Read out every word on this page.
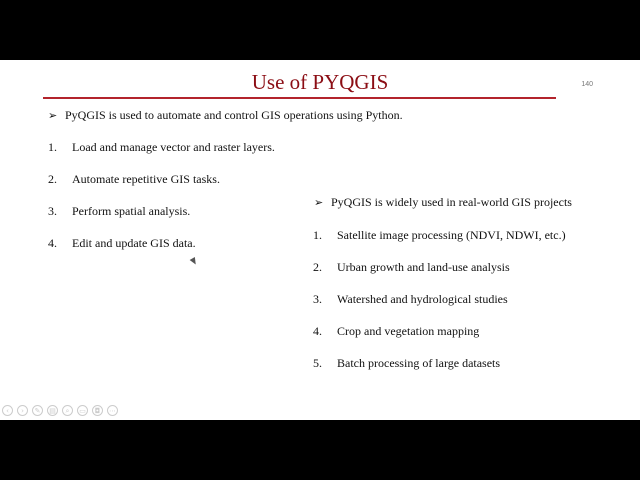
Use of PYQGIS	140
➢ PyQGIS is used to automate and control GIS operations using Python.
1. Load and manage vector and raster layers.
2. Automate repetitive GIS tasks.
3. Perform spatial analysis.
4. Edit and update GIS data.
➢ PyQGIS is widely used in real-world GIS projects
1. Satellite image processing (NDVI, NDWI, etc.)
2. Urban growth and land-use analysis
3. Watershed and hydrological studies
4. Crop and vegetation mapping
5. Batch processing of large datasets
‹	›	✎	▤	⌕	▭	◘	⋯
